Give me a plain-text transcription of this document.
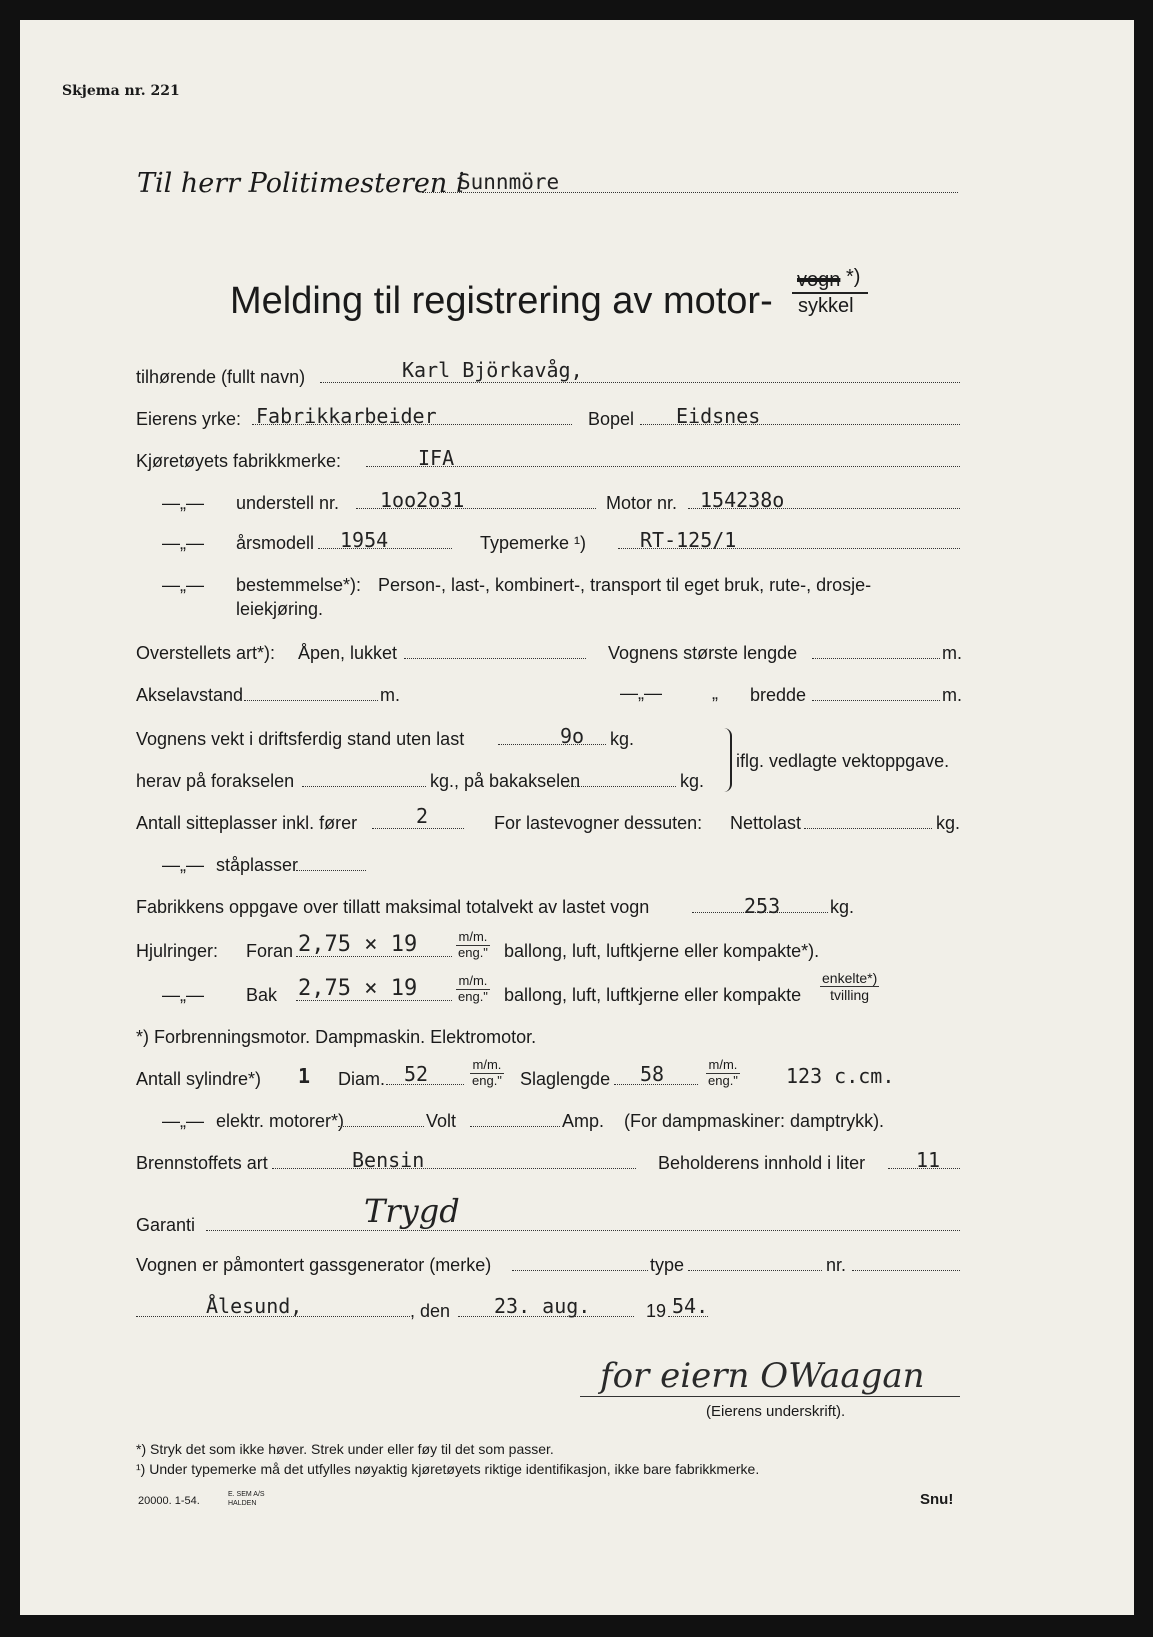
Skjema nr. 221
Til herr Politimesteren i
Sunnmöre
Melding til registrering av motor- vogn *)
sykkel
tilhørende (fullt navn)	Karl Björkavåg,
Eierens yrke: Fabrikkarbeider	Bopel Eidsnes
Kjøretøyets fabrikkmerke:	IFA
—„— understell nr. 1oo2o31	Motor nr. 154238o
—„— årsmodell 1954	Typemerke ¹)	RT-125/1
—„— bestemmelse*): Person-, last-, kombinert-, transport til eget bruk, rute-, drosje-
leiekjøring.
Overstellets art*): Åpen, lukket	Vognens største lengde	m.
Akselavstand	m.	—„—	„ bredde	m.
Vognens vekt i driftsferdig stand uten last	9o kg.
herav på forakselen	kg., på bakakselen	kg.
iflg. vedlagte vektoppgave.
Antall sitteplasser inkl. fører	2	For lastevogner dessuten: Nettolast	kg.
—„— ståplasser
Fabrikkens oppgave over tillatt maksimal totalvekt av lastet vogn	253	kg.
Hjulringer: Foran 2,75 × 19	m/m.
eng." ballong, luft, luftkjerne eller kompakte*).
—„— Bak 2,75 × 19	m/m.
eng." ballong, luft, luftkjerne eller kompakte
enkelte*)
tvilling
*) Forbrenningsmotor. Dampmaskin. Elektromotor.
Antall sylindre*) 1 Diam. 52	m/m.
eng." Slaglengde 58	m/m.
eng." 123 c.cm.
—„— elektr. motorer*)	Volt	Amp. (For dampmaskiner: damptrykk).
Brennstoffets art	Bensin	Beholderens innhold i liter	11
Garanti	Trygd
Vognen er påmontert gassgenerator (merke)	type	nr.
Ålesund,	, den 23. aug.	19 54.
for eiern OWaagan
(Eierens underskrift).
*) Stryk det som ikke høver. Strek under eller føy til det som passer.
¹) Under typemerke må det utfylles nøyaktig kjøretøyets riktige identifikasjon, ikke bare fabrikkmerke.
20000. 1-54.
E. SEM A/S
HALDEN	Snu!
